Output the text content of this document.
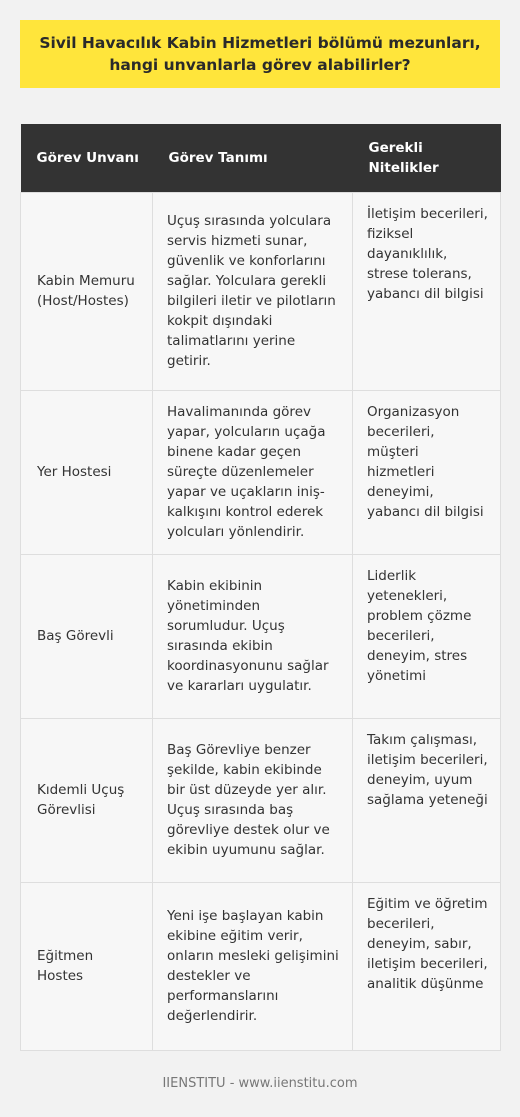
Sivil Havacılık Kabin Hizmetleri bölümü mezunları, hangi unvanlarla görev alabilirler?
Görev Unvanı	Görev Tanımı	Gerekli Nitelikler
Kabin Memuru (Host/Hostes)	Uçuş sırasında yolculara servis hizmeti sunar, güvenlik ve konforlarını sağlar. Yolculara gerekli bilgileri iletir ve pilotların kokpit dışındaki talimatlarını yerine getirir.	İletişim becerileri, fiziksel dayanıklılık, strese tolerans, yabancı dil bilgisi
Yer Hostesi	Havalimanında görev yapar, yolcuların uçağa binene kadar geçen süreçte düzenlemeler yapar ve uçakların iniş-kalkışını kontrol ederek yolcuları yönlendirir.	Organizasyon becerileri, müşteri hizmetleri deneyimi, yabancı dil bilgisi
Baş Görevli	Kabin ekibinin yönetiminden sorumludur. Uçuş sırasında ekibin koordinasyonunu sağlar ve kararları uygulatır.	Liderlik yetenekleri, problem çözme becerileri, deneyim, stres yönetimi
Kıdemli Uçuş Görevlisi	Baş Görevliye benzer şekilde, kabin ekibinde bir üst düzeyde yer alır. Uçuş sırasında baş görevliye destek olur ve ekibin uyumunu sağlar.	Takım çalışması, iletişim becerileri, deneyim, uyum sağlama yeteneği
Eğitmen Hostes	Yeni işe başlayan kabin ekibine eğitim verir, onların mesleki gelişimini destekler ve performanslarını değerlendirir.	Eğitim ve öğretim becerileri, deneyim, sabır, iletişim becerileri, analitik düşünme
IIENSTITU - www.iienstitu.com
